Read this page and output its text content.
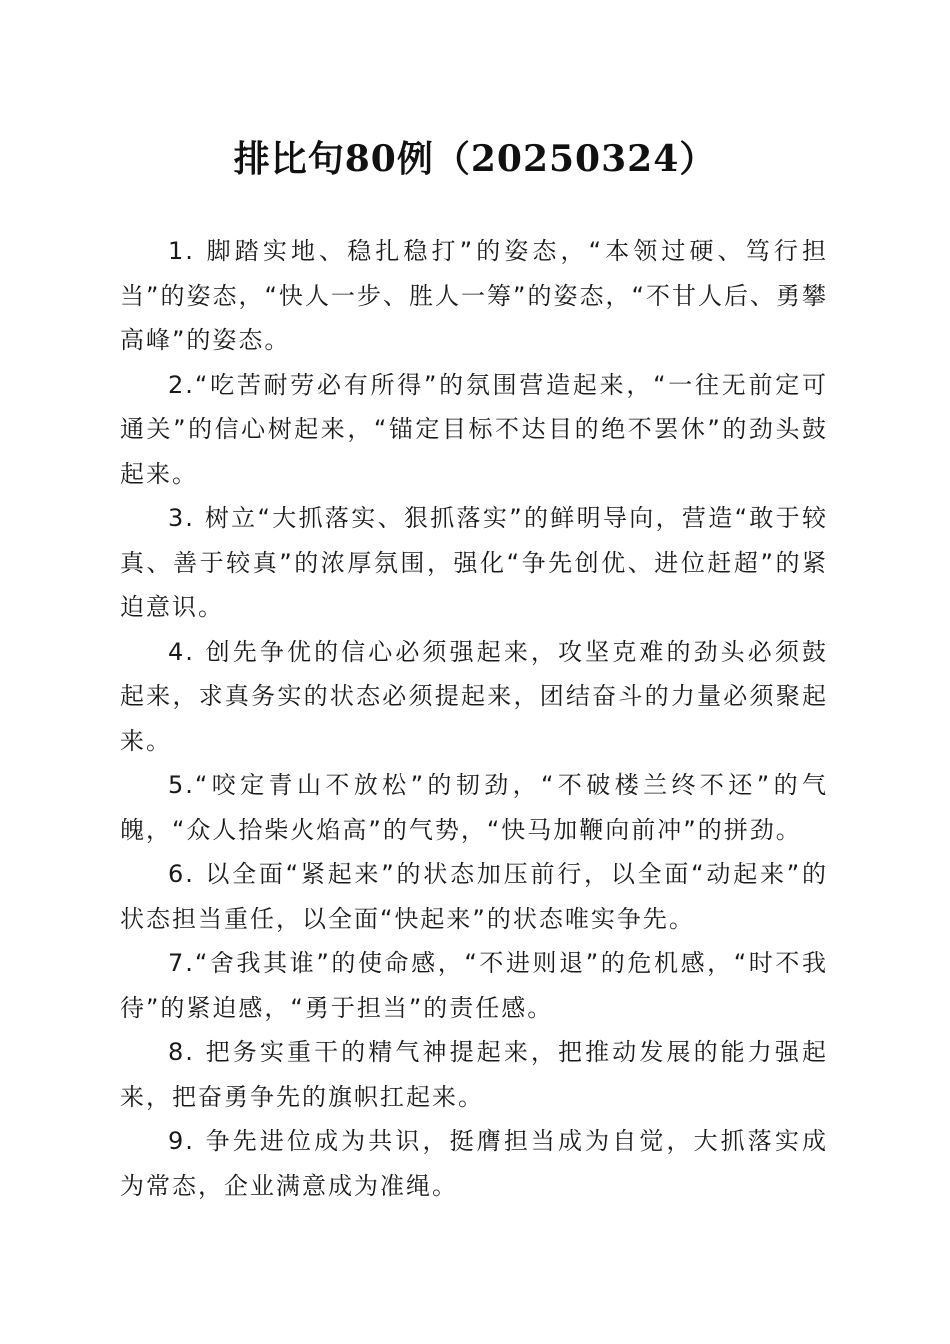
排比句80例（20250324）

1. 脚踏实地、稳扎稳打”的姿态，“本领过硬、笃行担当”的姿态，“快人一步、胜人一筹”的姿态，“不甘人后、勇攀高峰”的姿态。

2.“吃苦耐劳必有所得”的氛围营造起来，“一往无前定可通关”的信心树起来，“锚定目标不达目的绝不罢休”的劲头鼓起来。

3. 树立“大抓落实、狠抓落实”的鲜明导向，营造“敢于较真、善于较真”的浓厚氛围，强化“争先创优、进位赶超”的紧迫意识。

4. 创先争优的信心必须强起来，攻坚克难的劲头必须鼓起来，求真务实的状态必须提起来，团结奋斗的力量必须聚起来。

5.“咬定青山不放松”的韧劲，“不破楼兰终不还”的气魄，“众人拾柴火焰高”的气势，“快马加鞭向前冲”的拼劲。

6. 以全面“紧起来”的状态加压前行，以全面“动起来”的状态担当重任，以全面“快起来”的状态唯实争先。

7.“舍我其谁”的使命感，“不进则退”的危机感，“时不我待”的紧迫感，“勇于担当”的责任感。

8. 把务实重干的精气神提起来，把推动发展的能力强起来，把奋勇争先的旗帜扛起来。

9. 争先进位成为共识，挺膺担当成为自觉，大抓落实成为常态，企业满意成为准绳。
